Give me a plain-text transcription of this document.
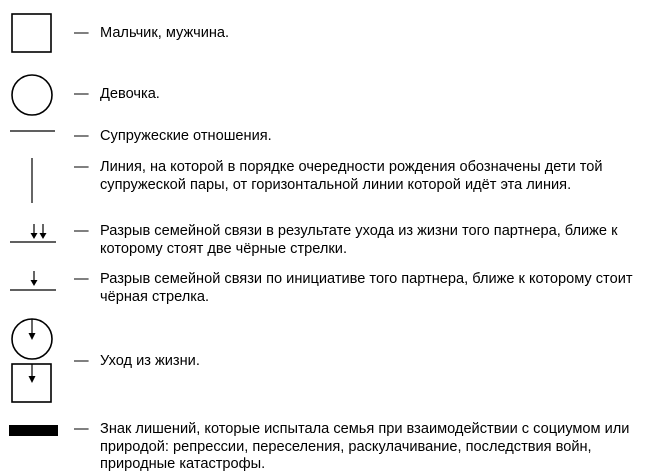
— Мальчик, мужчина.
— Девочка.
— Супружеские отношения.
— Линия, на которой в порядке очередности рождения обозначены дети той супружеской пары, от горизонтальной линии которой идёт эта линия.
— Разрыв семейной связи в результате ухода из жизни того партнера, ближе к которому стоят две чёрные стрелки.
— Разрыв семейной связи по инициативе того партнера, ближе к которому стоит чёрная стрелка.
— Уход из жизни.
— Знак лишений, которые испытала семья при взаимодействии с социумом или природой: репрессии, переселения, раскулачивание, последствия войн, природные катастрофы.
